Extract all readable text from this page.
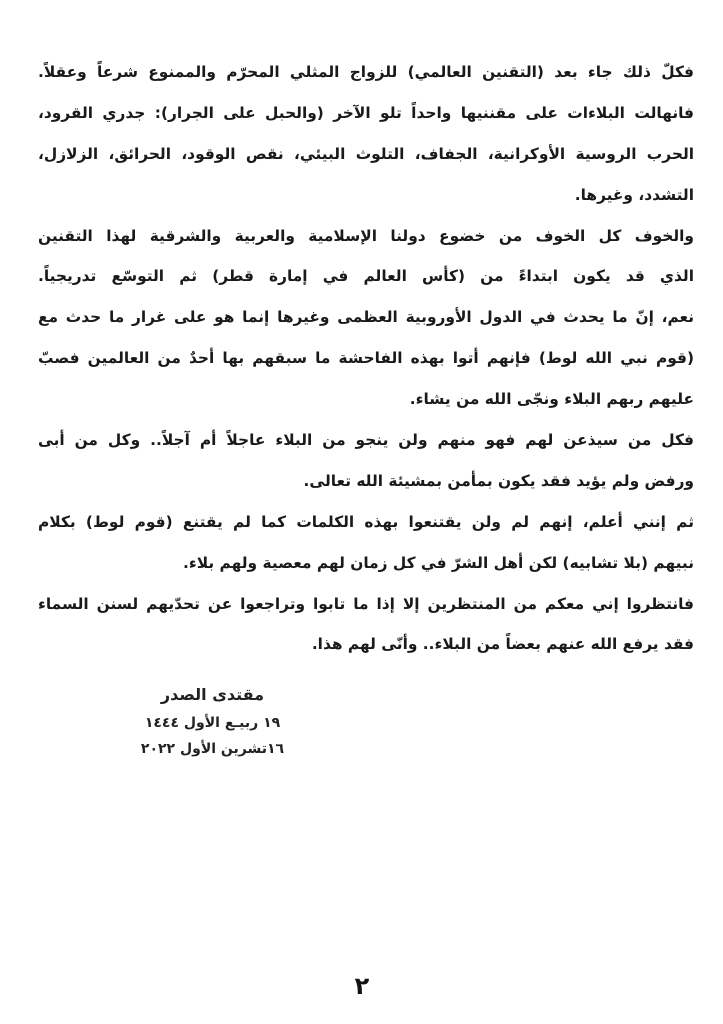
فكلّ ذلك جاء بعد (التقنين العالمي) للزواج المثلي المحرّم والممنوع شرعاً وعقلاً.
فانهالت البلاءات على مقننيها واحداً تلو الآخر (والحبل على الجرار): جدري القرود،
الحرب الروسية الأوكرانية، الجفاف، التلوث البيئي، نقص الوقود، الحرائق، الزلازل،
التشدد، وغيرها.
والخوف كل الخوف من خضوع دولنا الإسلامية والعربية والشرقية لهذا التقنين
الذي قد يكون ابتداءً من (كأس العالم في إمارة قطر) ثم التوسّع تدريجياً.
نعم، إنّ ما يحدث في الدول الأوروبية العظمى وغيرها إنما هو على غرار ما حدث مع
(قوم نبي الله لوط) فإنهم أتوا بهذه الفاحشة ما سبقهم بها أحدٌ من العالمين فصبّ
عليهم ربهم البلاء ونجّى الله من يشاء.
فكل من سيذعن لهم فهو منهم ولن ينجو من البلاء عاجلاً أم آجلاً.. وكل من أبى
ورفض ولم يؤيد فقد يكون بمأمن بمشيئة الله تعالى.
ثم إنني أعلم، إنهم لم ولن يقتنعوا بهذه الكلمات كما لم يقتنع (قوم لوط) بكلام
نبيهم (بلا تشابيه) لكن أهل الشرّ في كل زمان لهم معصية ولهم بلاء.
فانتظروا إني معكم من المنتظرين إلا إذا ما تابوا وتراجعوا عن تحدّيهم لسنن السماء
فقد يرفع الله عنهم بعضاً من البلاء.. وأنّى لهم هذا.
مقتدى الصدر
١٩ ربيـع الأول ١٤٤٤
١٦تشرين الأول ٢٠٢٢
٢
